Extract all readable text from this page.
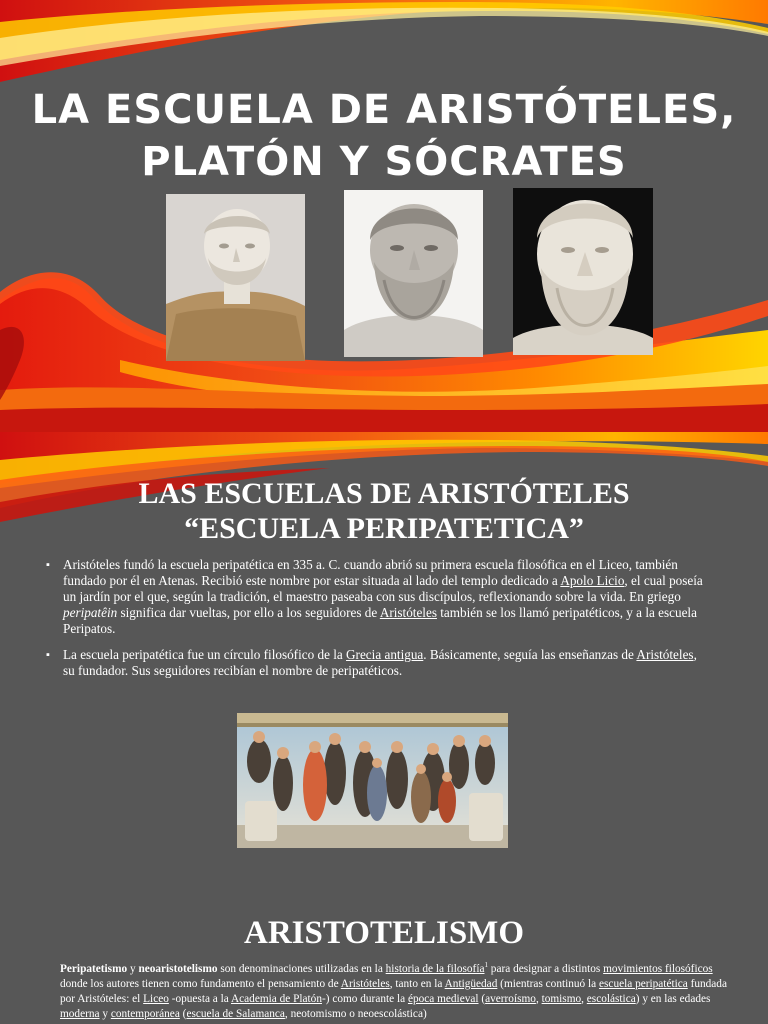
LA ESCUELA DE ARISTÓTELES,
PLATÓN Y SÓCRATES
LAS ESCUELAS DE ARISTÓTELES
“ESCUELA PERIPATETICA”
▪ Aristóteles fundó la escuela peripatética en 335 a. C. cuando abrió su primera escuela filosófica en el Liceo, también fundado por él en Atenas. Recibió este nombre por estar situada al lado del templo dedicado a Apolo Licio, el cual poseía un jardín por el que, según la tradición, el maestro paseaba con sus discípulos, reflexionando sobre la vida. En griego peripatêin significa dar vueltas, por ello a los seguidores de Aristóteles también se los llamó peripatéticos, y a la escuela Peripatos.
▪ La escuela peripatética fue un círculo filosófico de la Grecia antigua. Básicamente, seguía las enseñanzas de Aristóteles, su fundador. Sus seguidores recibían el nombre de peripatéticos.
ARISTOTELISMO

Peripatetismo y neoaristotelismo son denominaciones utilizadas en la historia de la filosofía$^1$ para designar a distintos movimientos filosóficos donde los autores tienen como fundamento el pensamiento de Aristóteles, tanto en la Antigüedad (mientras continuó la escuela peripatética fundada por Aristóteles: el Liceo -opuesta a la Academia de Platón-) como durante la época medieval (averroísmo, tomismo, escolástica) y en las edades moderna y contemporánea (escuela de Salamanca, neotomismo o neoescolástica)
